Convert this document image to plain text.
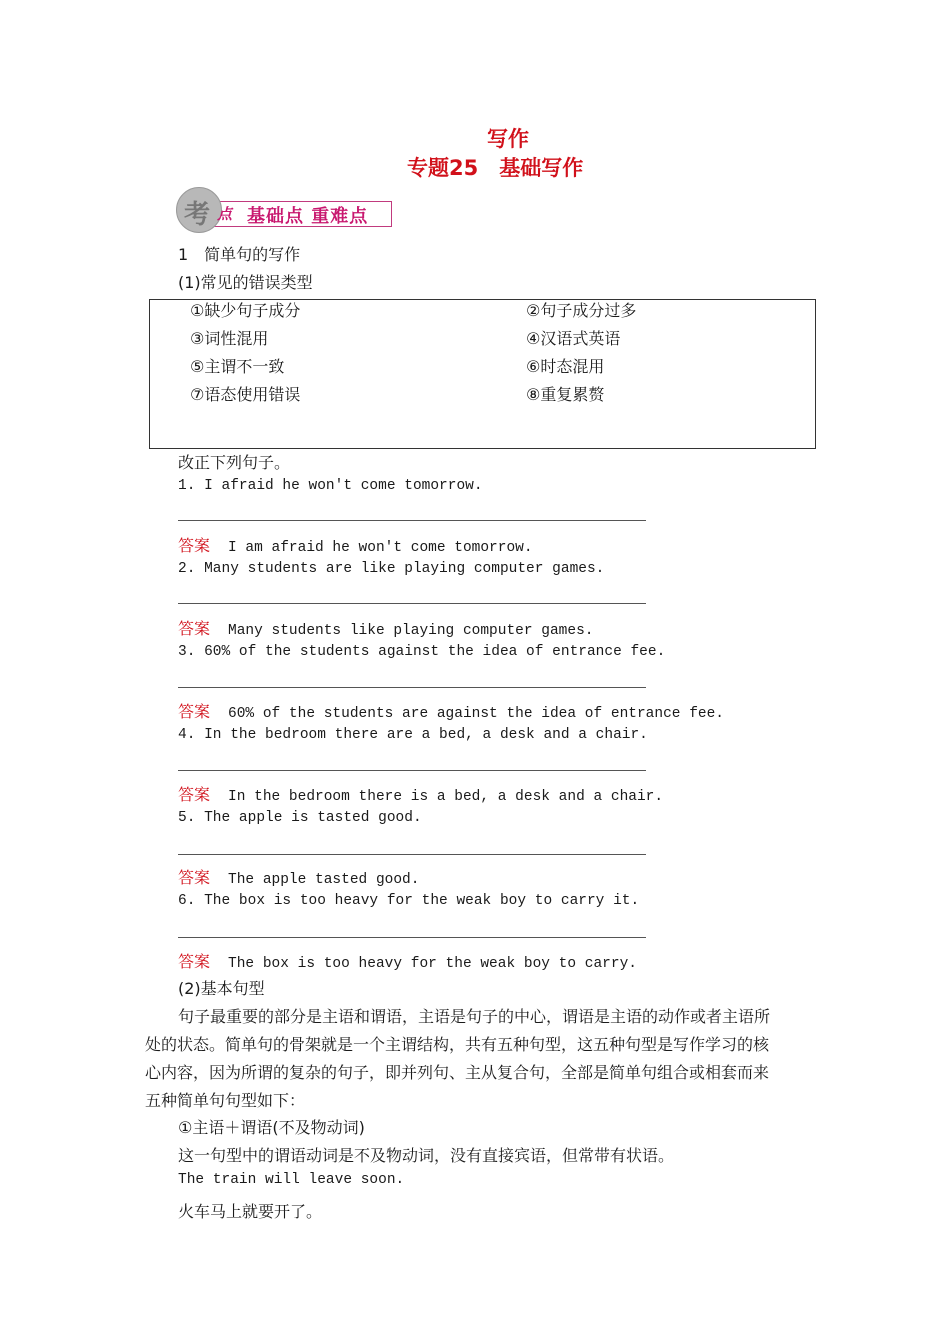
写作
专题25　基础写作
考 点 基础点 重难点
1　简单句的写作
(1)常见的错误类型
①缺少句子成分	②句子成分过多
③词性混用	④汉语式英语
⑤主谓不一致	⑥时态混用
⑦语态使用错误	⑧重复累赘
改正下列句子。
1. I afraid he won't come tomorrow.
答案 I am afraid he won't come tomorrow.
2. Many students are like playing computer games.
答案 Many students like playing computer games.
3. 60% of the students against the idea of entrance fee.
答案 60% of the students are against the idea of entrance fee.
4. In the bedroom there are a bed, a desk and a chair.
答案 In the bedroom there is a bed, a desk and a chair.
5. The apple is tasted good.
答案 The apple tasted good.
6. The box is too heavy for the weak boy to carry it.
答案 The box is too heavy for the weak boy to carry.
(2)基本句型
句子最重要的部分是主语和谓语，主语是句子的中心，谓语是主语的动作或者主语所
处的状态。简单句的骨架就是一个主谓结构，共有五种句型，这五种句型是写作学习的核
心内容，因为所谓的复杂的句子，即并列句、主从复合句，全部是简单句组合或相套而来
五种简单句句型如下：
①主语＋谓语(不及物动词)
这一句型中的谓语动词是不及物动词，没有直接宾语，但常带有状语。
The train will leave soon.
火车马上就要开了。
